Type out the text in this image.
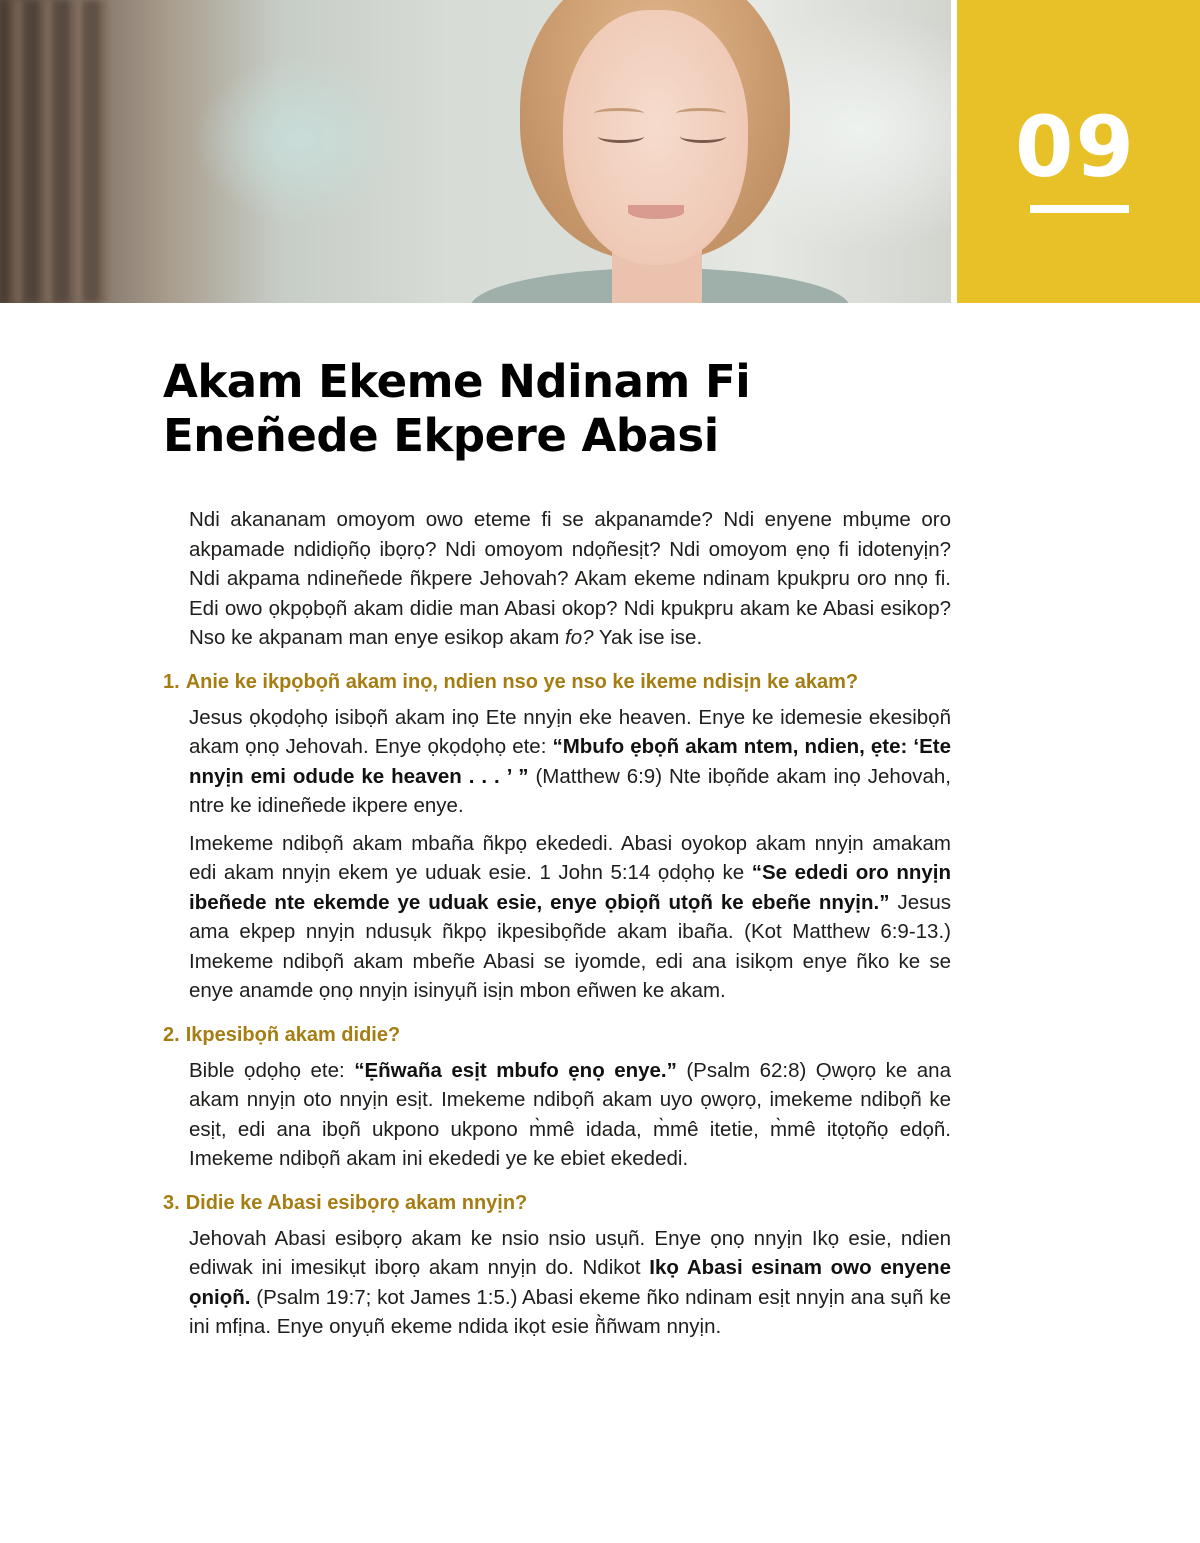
09
Akam Ekeme Ndinam Fi
Eneñede Ekpere Abasi

Ndi akananam omoyom owo eteme fi se akpanamde? Ndi enyene mbụme oro akpamade ndidiọñọ ibọrọ? Ndi omoyom ndọñesịt? Ndi omoyom ẹnọ fi idotenyịn? Ndi akpama ndineñede ñkpere Jehovah? Akam ekeme ndinam kpukpru oro nnọ fi. Edi owo ọkpọbọñ akam didie man Abasi okop? Ndi kpukpru akam ke Abasi esikop? Nso ke akpanam man enye esikop akam fo? Yak ise ise.

1. Anie ke ikpọbọñ akam inọ, ndien nso ye nso ke ikeme ndisịn ke akam?

Jesus ọkọdọhọ isibọñ akam inọ Ete nnyịn eke heaven. Enye ke idemesie ekesibọñ akam ọnọ Jehovah. Enye ọkọdọhọ ete: “Mbufo ẹbọñ akam ntem, ndien, ẹte: ‘Ete nnyịn emi odude ke heaven . . . ’ ” (Matthew 6:9) Nte ibọñde akam inọ Jehovah, ntre ke idineñede ikpere enye.

Imekeme ndibọñ akam mbaña ñkpọ ekededi. Abasi oyokop akam nnyịn amakam edi akam nnyịn ekem ye uduak esie. 1 John 5:14 ọdọhọ ke “Se ededi oro nnyịn ibeñede nte ekemde ye uduak esie, enye ọbiọñ utọñ ke ebeñe nnyịn.” Jesus ama ekpep nnyịn ndusụk ñkpọ ikpesibọñde akam ibaña. (Kot Matthew 6:9-13.) Imekeme ndibọñ akam mbeñe Abasi se iyomde, edi ana isikọm enye ñko ke se enye anamde ọnọ nnyịn isinyụñ isịn mbon eñwen ke akam.

2. Ikpesibọñ akam didie?

Bible ọdọhọ ete: “Ẹñwaña esịt mbufo ẹnọ enye.” (Psalm 62:8) Ọwọrọ ke ana akam nnyịn oto nnyịn esịt. Imekeme ndibọñ akam uyo ọwọrọ, imekeme ndibọñ ke esịt, edi ana ibọñ ukpono ukpono m̀mê idada, m̀mê itetie, m̀mê itọtọñọ edọñ. Imekeme ndibọñ akam ini ekededi ye ke ebiet ekededi.

3. Didie ke Abasi esibọrọ akam nnyịn?

Jehovah Abasi esibọrọ akam ke nsio nsio usụñ. Enye ọnọ nnyịn Ikọ esie, ndien ediwak ini imesikụt ibọrọ akam nnyịn do. Ndikot Ikọ Abasi esinam owo enyene ọniọñ. (Psalm 19:7; kot James 1:5.) Abasi ekeme ñko ndinam esịt nnyịn ana sụñ ke ini mfịna. Enye onyụñ ekeme ndida ikọt esie ñ̀ñwam nnyịn.
